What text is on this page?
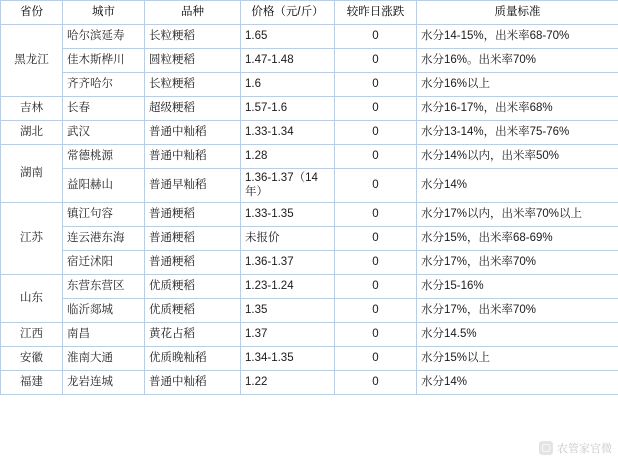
省份	城市	品种	价格（元/斤）	较昨日涨跌	质量标准
黑龙江	哈尔滨延寿	长粒粳稻	1.65	0	水分14-15%，出米率68-70%
	佳木斯桦川	圆粒粳稻	1.47-1.48	0	水分16%。出米率70%
	齐齐哈尔	长粒粳稻	1.6	0	水分16%以上
吉林	长春	超级粳稻	1.57-1.6	0	水分16-17%，出米率68%
湖北	武汉	普通中籼稻	1.33-1.34	0	水分13-14%，出米率75-76%
湖南	常德桃源	普通中籼稻	1.28	0	水分14%以内，出米率50%
	益阳赫山	普通早籼稻	1.36-1.37（14年）	0	水分14%
江苏	镇江句容	普通粳稻	1.33-1.35	0	水分17%以内，出米率70%以上
	连云港东海	普通粳稻	未报价	0	水分15%，出米率68-69%
	宿迁沭阳	普通粳稻	1.36-1.37	0	水分17%，出米率70%
山东	东营东营区	优质粳稻	1.23-1.24	0	水分15-16%
	临沂郯城	优质粳稻	1.35	0	水分17%，出米率70%
江西	南昌	黄花占稻	1.37	0	水分14.5%
安徽	淮南大通	优质晚籼稻	1.34-1.35	0	水分15%以上
福建	龙岩连城	普通中籼稻	1.22	0	水分14%
农管家官微
